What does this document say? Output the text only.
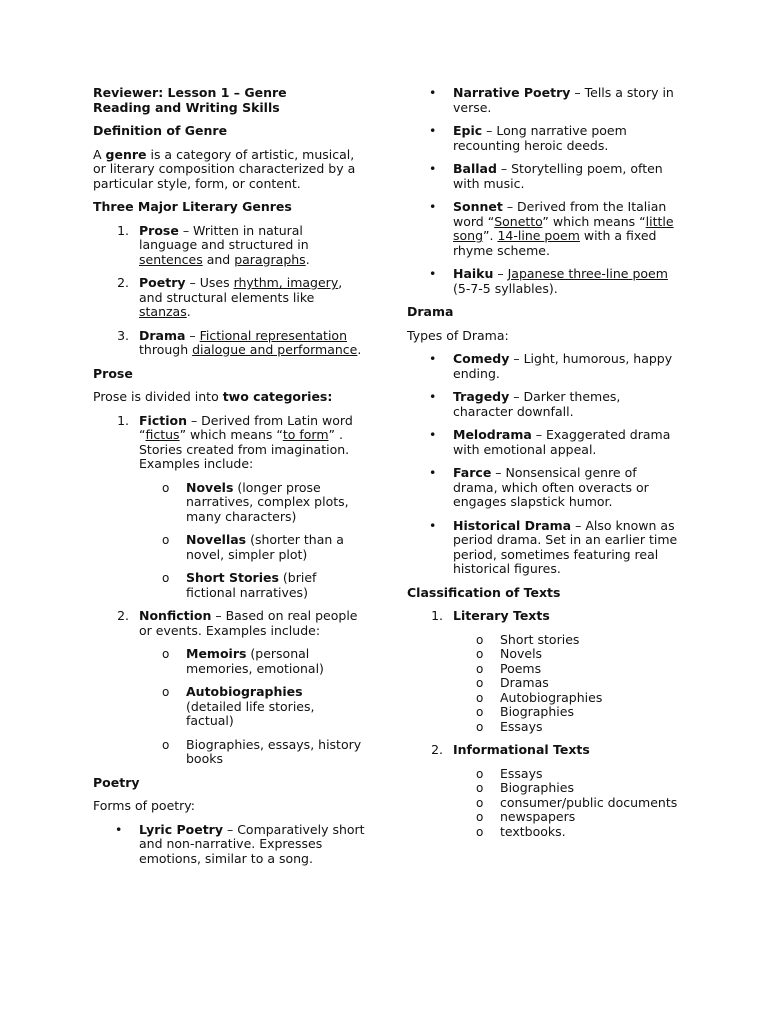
Reviewer: Lesson 1 – Genre
Reading and Writing Skills

Definition of Genre

A genre is a category of artistic, musical, or literary composition characterized by a particular style, form, or content.

Three Major Literary Genres

1. Prose – Written in natural language and structured in sentences and paragraphs.
2. Poetry – Uses rhythm, imagery, and structural elements like stanzas.
3. Drama – Fictional representation through dialogue and performance.

Prose

Prose is divided into two categories:

1. Fiction – Derived from Latin word “fictus” which means “to form” . Stories created from imagination. Examples include:
o Novels (longer prose narratives, complex plots, many characters)
o Novellas (shorter than a novel, simpler plot)
o Short Stories (brief fictional narratives)
2. Nonfiction – Based on real people or events. Examples include:
o Memoirs (personal memories, emotional)
o Autobiographies
(detailed life stories, factual)
o Biographies, essays, history books

Poetry

Forms of poetry:

• Lyric Poetry – Comparatively short and non-narrative. Expresses emotions, similar to a song.
• Narrative Poetry – Tells a story in verse.
• Epic – Long narrative poem recounting heroic deeds.
• Ballad – Storytelling poem, often with music.
• Sonnet – Derived from the Italian word “Sonetto” which means “little song”. 14-line poem with a fixed rhyme scheme.
• Haiku – Japanese three-line poem (5-7-5 syllables).

Drama

Types of Drama:

• Comedy – Light, humorous, happy ending.
• Tragedy – Darker themes, character downfall.
• Melodrama – Exaggerated drama with emotional appeal.
• Farce – Nonsensical genre of drama, which often overacts or engages slapstick humor.
• Historical Drama – Also known as period drama. Set in an earlier time period, sometimes featuring real historical figures.

Classification of Texts

1. Literary Texts
o Short stories
o Novels
o Poems
o Dramas
o Autobiographies
o Biographies
o Essays
2. Informational Texts
o Essays
o Biographies
o consumer/public documents
o newspapers
o textbooks.
